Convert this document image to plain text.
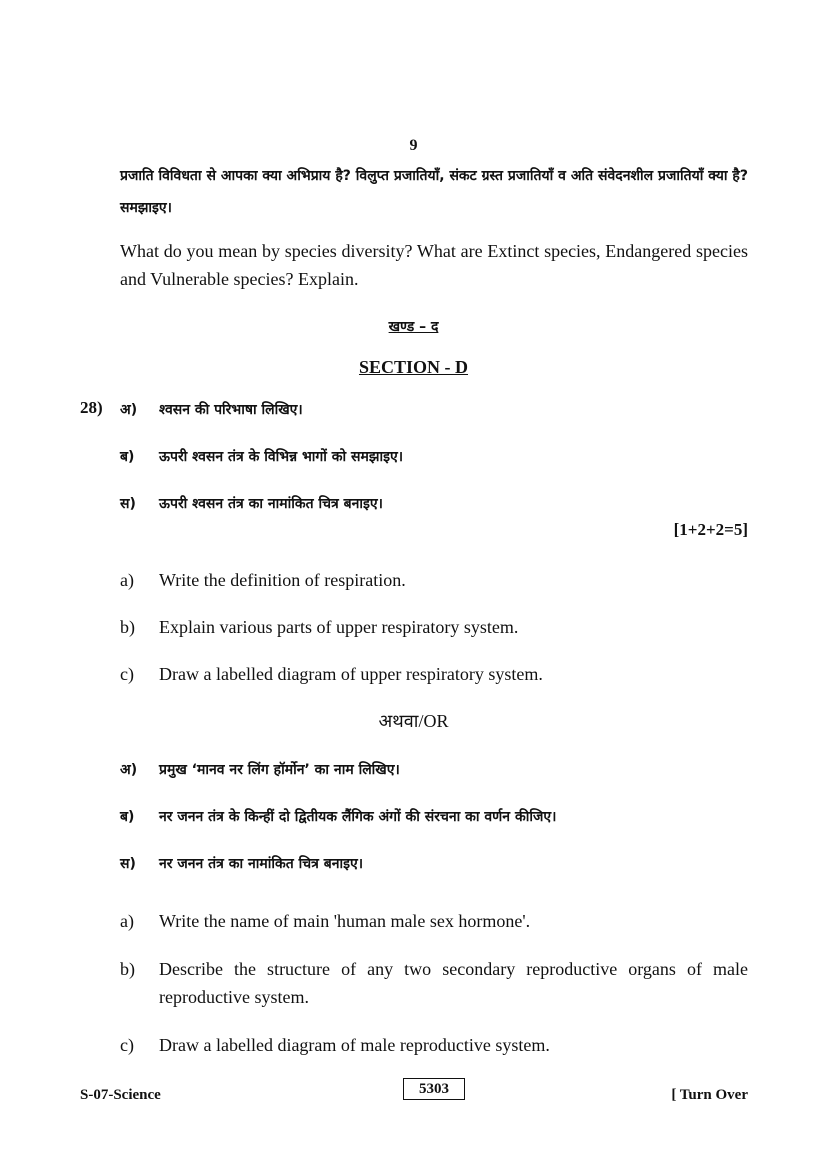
9
प्रजाति विविधता से आपका क्या अभिप्राय है? विलुप्त प्रजातियाँ, संकट ग्रस्त प्रजातियाँ व अति संवेदनशील प्रजातियाँ क्या है? समझाइए।
What do you mean by species diversity? What are Extinct species, Endangered species and Vulnerable species? Explain.
खण्ड – द
SECTION - D
28) अ) श्वसन की परिभाषा लिखिए।
ब) ऊपरी श्वसन तंत्र के विभिन्न भागों को समझाइए।
स) ऊपरी श्वसन तंत्र का नामांकित चित्र बनाइए।
[1+2+2=5]
a) Write the definition of respiration.
b) Explain various parts of upper respiratory system.
c) Draw a labelled diagram of upper respiratory system.
अथवा/OR
अ) प्रमुख ‘मानव नर लिंग हॉर्मोन’ का नाम लिखिए।
ब) नर जनन तंत्र के किन्हीं दो द्वितीयक लैंगिक अंगों की संरचना का वर्णन कीजिए।
स) नर जनन तंत्र का नामांकित चित्र बनाइए।
a) Write the name of main 'human male sex hormone'.
b) Describe the structure of any two secondary reproductive organs of male reproductive system.
c) Draw a labelled diagram of male reproductive system.
S-07-Science	5303	[ Turn Over
